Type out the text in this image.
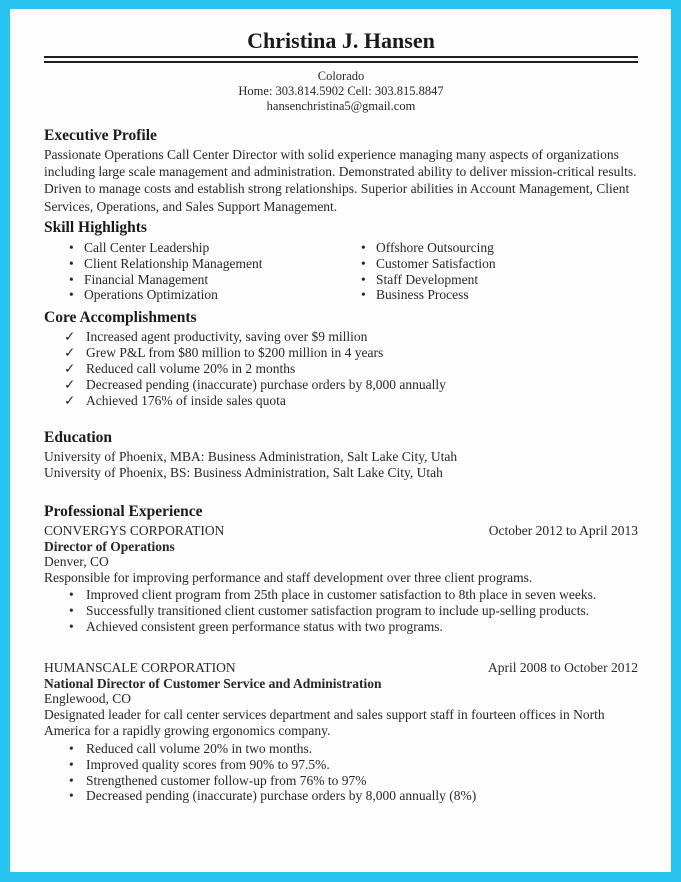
Christina J. Hansen
Colorado
Home: 303.814.5902 Cell: 303.815.8847
hansenchristina5@gmail.com
Executive Profile

Passionate Operations Call Center Director with solid experience managing many aspects of organizations including large scale management and administration. Demonstrated ability to deliver mission-critical results. Driven to manage costs and establish strong relationships. Superior abilities in Account Management, Client Services, Operations, and Sales Support Management.

Skill Highlights
• Call Center Leadership
• Client Relationship Management
• Financial Management
• Operations Optimization
• Offshore Outsourcing
• Customer Satisfaction
• Staff Development
• Business Process
Core Accomplishments
✓ Increased agent productivity, saving over $9 million
✓ Grew P&L from $80 million to $200 million in 4 years
✓ Reduced call volume 20% in 2 months
✓ Decreased pending (inaccurate) purchase orders by 8,000 annually
✓ Achieved 176% of inside sales quota
Education
University of Phoenix, MBA: Business Administration, Salt Lake City, Utah
University of Phoenix, BS: Business Administration, Salt Lake City, Utah
Professional Experience
CONVERGYS CORPORATION	October 2012 to April 2013
Director of Operations
Denver, CO
Responsible for improving performance and staff development over three client programs.
• Improved client program from 25th place in customer satisfaction to 8th place in seven weeks.
• Successfully transitioned client customer satisfaction program to include up-selling products.
• Achieved consistent green performance status with two programs.
HUMANSCALE CORPORATION	April 2008 to October 2012
National Director of Customer Service and Administration
Englewood, CO
Designated leader for call center services department and sales support staff in fourteen offices in North America for a rapidly growing ergonomics company.
• Reduced call volume 20% in two months.
• Improved quality scores from 90% to 97.5%.
• Strengthened customer follow-up from 76% to 97%
• Decreased pending (inaccurate) purchase orders by 8,000 annually (8%)
